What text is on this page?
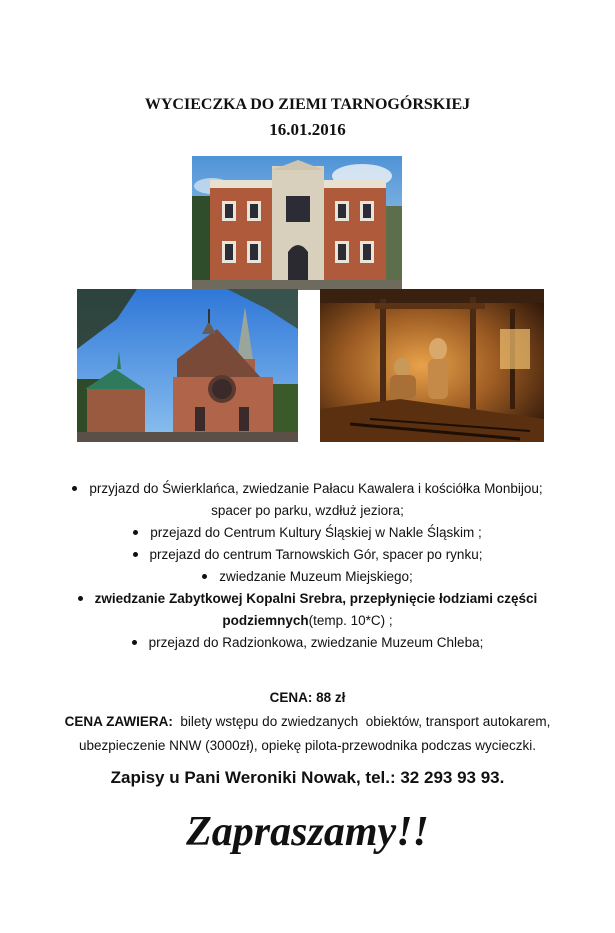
WYCIECZKA DO ZIEMI TARNOGÓRSKIEJ
16.01.2016
przyjazd do Świerklańca, zwiedzanie Pałacu Kawalera i kościółka Monbijou;
spacer po parku, wzdłuż jeziora;
przejazd do Centrum Kultury Śląskiej w Nakle Śląskim ;
przejazd do centrum Tarnowskich Gór, spacer po rynku;
zwiedzanie Muzeum Miejskiego;
zwiedzanie Zabytkowej Kopalni Srebra, przepłynięcie łodziami części
podziemnych(temp. 10*C) ;
przejazd do Radzionkowa, zwiedzanie Muzeum Chleba;
CENA: 88 zł
CENA ZAWIERA:  bilety wstępu do zwiedzanych  obiektów, transport autokarem,
ubezpieczenie NNW (3000zł), opiekę pilota-przewodnika podczas wycieczki.
Zapisy u Pani Weroniki Nowak, tel.: 32 293 93 93.
Zapraszamy!!
